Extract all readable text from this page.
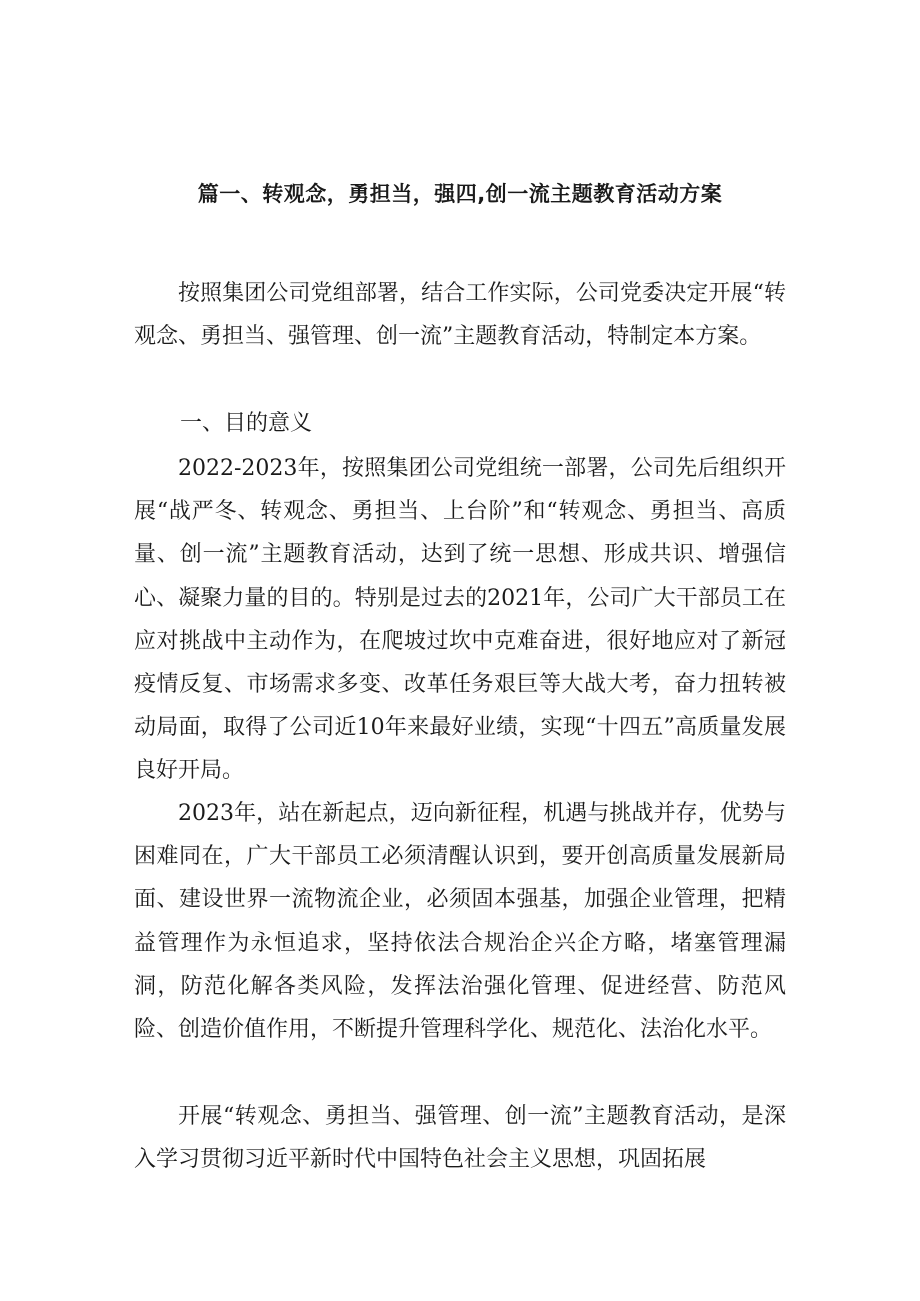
篇一、转观念，勇担当，强四,创一流主题教育活动方案

按照集团公司党组部署，结合工作实际，公司党委决定开展“转观念、勇担当、强管理、创一流”主题教育活动，特制定本方案。

一、目的意义

2022-2023年，按照集团公司党组统一部署，公司先后组织开展“战严冬、转观念、勇担当、上台阶”和“转观念、勇担当、高质量、创一流”主题教育活动，达到了统一思想、形成共识、增强信心、凝聚力量的目的。特别是过去的2021年，公司广大干部员工在应对挑战中主动作为，在爬坡过坎中克难奋进，很好地应对了新冠疫情反复、市场需求多变、改革任务艰巨等大战大考，奋力扭转被动局面，取得了公司近10年来最好业绩，实现“十四五”高质量发展良好开局。

2023年，站在新起点，迈向新征程，机遇与挑战并存，优势与困难同在，广大干部员工必须清醒认识到，要开创高质量发展新局面、建设世界一流物流企业，必须固本强基，加强企业管理，把精益管理作为永恒追求，坚持依法合规治企兴企方略，堵塞管理漏洞，防范化解各类风险，发挥法治强化管理、促进经营、防范风险、创造价值作用，不断提升管理科学化、规范化、法治化水平。

开展“转观念、勇担当、强管理、创一流”主题教育活动，是深入学习贯彻习近平新时代中国特色社会主义思想，巩固拓展
